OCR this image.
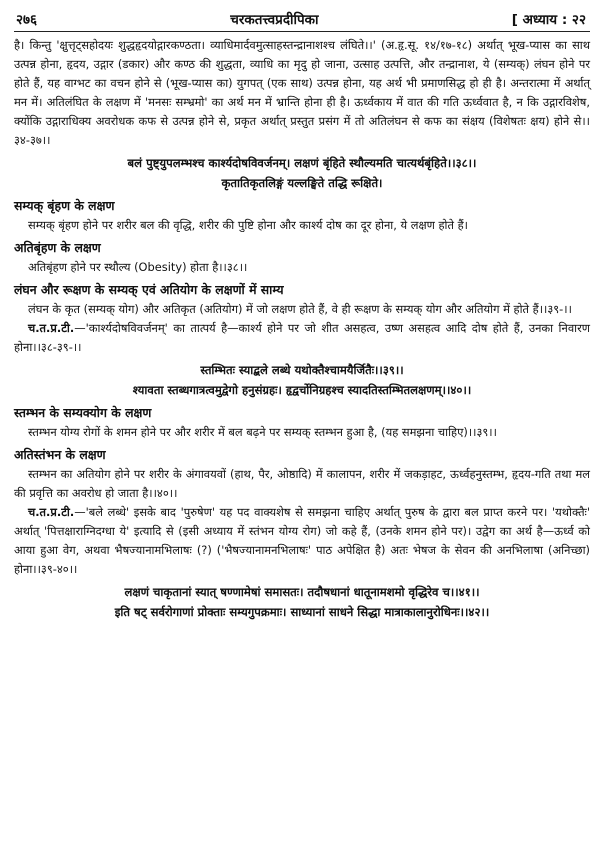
२७६	चरकतत्त्वप्रदीपिका	[ अध्याय : २२

है। किन्तु 'क्षुत्तृट्सहोदयः शुद्धहृदयोद्गारकण्ठता। व्याधिमार्दवमुत्साहस्तन्द्रानाशश्च लंघिते।।' (अ.हृ.सू. १४/१७-१८) अर्थात् भूख-प्यास का साथ उत्पन्न होना, हृदय, उद्गार (डकार) और कण्ठ की शुद्धता, व्याधि का मृदु हो जाना, उत्साह उत्पत्ति, और तन्द्रानाश, ये (सम्यक्) लंघन होने पर होते हैं, यह वाग्भट का वचन होने से (भूख-प्यास का) युगपत् (एक साथ) उत्पन्न होना, यह अर्थ भी प्रमाणसिद्ध हो ही है। अन्तरात्मा में अर्थात् मन में। अतिलंघित के लक्षण में 'मनसः सम्भ्रमो' का अर्थ मन में भ्रान्ति होना ही है। ऊर्ध्वकाय में वात की गति ऊर्ध्ववात है, न कि उद्गारविशेष, क्योंकि उद्गाराधिक्य अवरोधक कफ से उत्पन्न होने से, प्रकृत अर्थात् प्रस्तुत प्रसंग में तो अतिलंघन से कफ का संक्षय (विशेषतः क्षय) होने से।।३४-३७।।

बलं पुष्ट्युपलम्भश्च कार्श्यदोषविवर्जनम्। लक्षणं बृंहिते स्थौल्यमति चात्यर्थबृंहिते।।३८।।
कृतातिकृतलिङ्गं यल्लङ्घिते तद्धि रूक्षिते।
सम्यक् बृंहण के लक्षण

सम्यक् बृंहण होने पर शरीर बल की वृद्धि, शरीर की पुष्टि होना और कार्श्य दोष का दूर होना, ये लक्षण होते हैं।

अतिबृंहण के लक्षण

अतिबृंहण होने पर स्थौल्य (Obesity) होता है।।३८।।

लंघन और रूक्षण के सम्यक् एवं अतियोग के लक्षणों में साम्य

लंघन के कृत (सम्यक् योग) और अतिकृत (अतियोग) में जो लक्षण होते हैं, वे ही रूक्षण के सम्यक् योग और अतियोग में होते हैं।।३९-।।

च.त.प्र.टी.—'कार्श्यदोषविवर्जनम्' का तात्पर्य है—कार्श्य होने पर जो शीत असहत्व, उष्ण असहत्व आदि दोष होते हैं, उनका निवारण होना।।३८-३९-।।

स्तम्भितः स्याद्बले लब्धे यथोक्तैश्चामयैर्जितैः।।३९।।
श्यावता स्तब्धगात्रत्वमुद्वेगो हनुसंग्रहः। हृद्वर्चोनिग्रहश्च स्यादतिस्तम्भितलक्षणम्।।४०।।
स्तम्भन के सम्यक्योग के लक्षण

स्तम्भन योग्य रोगों के शमन होने पर और शरीर में बल बढ़ने पर सम्यक् स्तम्भन हुआ है, (यह समझना चाहिए)।।३९।।

अतिस्तंभन के लक्षण

स्तम्भन का अतियोग होने पर शरीर के अंगावयवों (हाथ, पैर, ओष्ठादि) में कालापन, शरीर में जकड़ाहट, ऊर्ध्वहनुस्तम्भ, हृदय-गति तथा मल की प्रवृत्ति का अवरोध हो जाता है।।४०।।

च.त.प्र.टी.—'बले लब्धे' इसके बाद 'पुरुषेण' यह पद वाक्यशेष से समझना चाहिए अर्थात् पुरुष के द्वारा बल प्राप्त करने पर। 'यथोक्तैः' अर्थात् 'पित्तक्षाराग्निदग्धा ये' इत्यादि से (इसी अध्याय में स्तंभन योग्य रोग) जो कहे हैं, (उनके शमन होने पर)। उद्वेग का अर्थ है—ऊर्ध्व को आया हुआ वेग, अथवा भैषज्यानामभिलाषः (?) ('भैषज्यानामनभिलाषः' पाठ अपेक्षित है) अतः भेषज के सेवन की अनभिलाषा (अनिच्छा) होना।।३९-४०।।

लक्षणं चाकृतानां स्यात् षण्णामेषां समासतः। तदौषधानां धातूनामशमो वृद्धिरेव च।।४१।।
इति षट् सर्वरोगाणां प्रोक्ताः सम्यगुपक्रमाः। साध्यानां साधने सिद्धा मात्राकालानुरोधिनः।।४२।।
